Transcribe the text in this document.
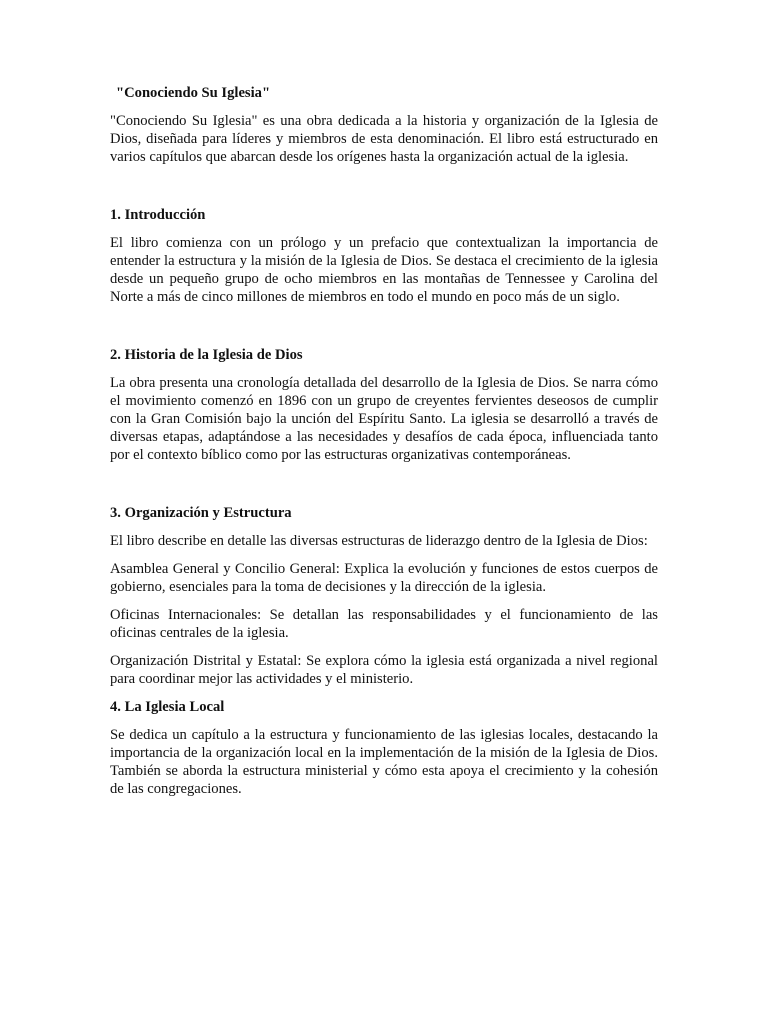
"Conociendo Su Iglesia"

"Conociendo Su Iglesia" es una obra dedicada a la historia y organización de la Iglesia de Dios, diseñada para líderes y miembros de esta denominación. El libro está estructurado en varios capítulos que abarcan desde los orígenes hasta la organización actual de la iglesia.

1. Introducción

El libro comienza con un prólogo y un prefacio que contextualizan la importancia de entender la estructura y la misión de la Iglesia de Dios. Se destaca el crecimiento de la iglesia desde un pequeño grupo de ocho miembros en las montañas de Tennessee y Carolina del Norte a más de cinco millones de miembros en todo el mundo en poco más de un siglo.

2. Historia de la Iglesia de Dios

La obra presenta una cronología detallada del desarrollo de la Iglesia de Dios. Se narra cómo el movimiento comenzó en 1896 con un grupo de creyentes fervientes deseosos de cumplir con la Gran Comisión bajo la unción del Espíritu Santo. La iglesia se desarrolló a través de diversas etapas, adaptándose a las necesidades y desafíos de cada época, influenciada tanto por el contexto bíblico como por las estructuras organizativas contemporáneas.

3. Organización y Estructura

El libro describe en detalle las diversas estructuras de liderazgo dentro de la Iglesia de Dios:

Asamblea General y Concilio General: Explica la evolución y funciones de estos cuerpos de gobierno, esenciales para la toma de decisiones y la dirección de la iglesia.

Oficinas Internacionales: Se detallan las responsabilidades y el funcionamiento de las oficinas centrales de la iglesia.

Organización Distrital y Estatal: Se explora cómo la iglesia está organizada a nivel regional para coordinar mejor las actividades y el ministerio.

4. La Iglesia Local

Se dedica un capítulo a la estructura y funcionamiento de las iglesias locales, destacando la importancia de la organización local en la implementación de la misión de la Iglesia de Dios. También se aborda la estructura ministerial y cómo esta apoya el crecimiento y la cohesión de las congregaciones.
